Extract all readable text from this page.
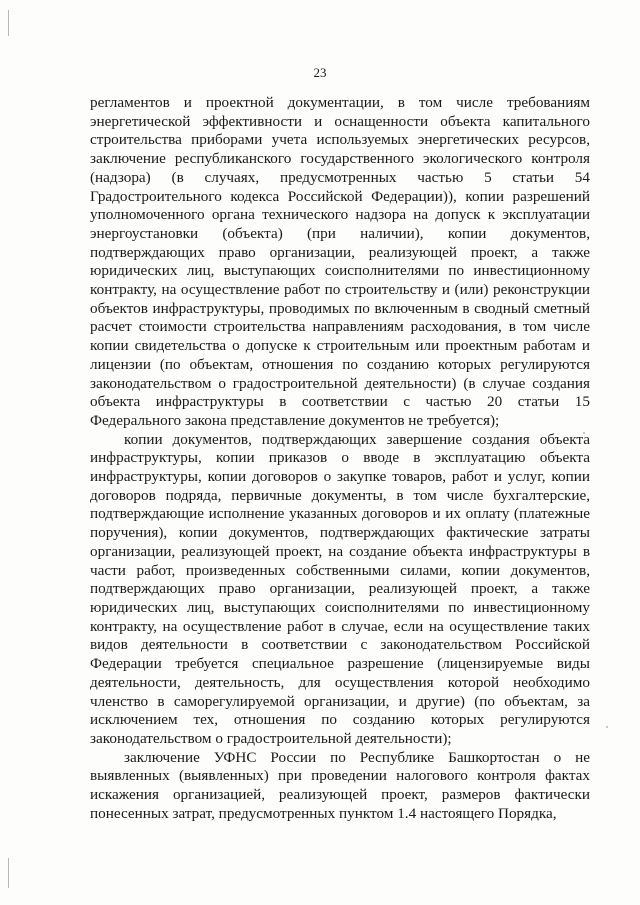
23

регламентов и проектной документации, в том числе требованиям энергетической эффективности и оснащенности объекта капитального строительства приборами учета используемых энергетических ресурсов, заключение республиканского государственного экологического контроля (надзора) (в случаях, предусмотренных частью 5 статьи 54 Градостроительного кодекса Российской Федерации)), копии разрешений уполномоченного органа технического надзора на допуск к эксплуатации энергоустановки (объекта) (при наличии), копии документов, подтверждающих право организации, реализующей проект, а также юридических лиц, выступающих соисполнителями по инвестиционному контракту, на осуществление работ по строительству и (или) реконструкции объектов инфраструктуры, проводимых по включенным в сводный сметный расчет стоимости строительства направлениям расходования, в том числе копии свидетельства о допуске к строительным или проектным работам и лицензии (по объектам, отношения по созданию которых регулируются законодательством о градостроительной деятельности) (в случае создания объекта инфраструктуры в соответствии с частью 20 статьи 15 Федерального закона представление документов не требуется);

копии документов, подтверждающих завершение создания объекта инфраструктуры, копии приказов о вводе в эксплуатацию объекта инфраструктуры, копии договоров о закупке товаров, работ и услуг, копии договоров подряда, первичные документы, в том числе бухгалтерские, подтверждающие исполнение указанных договоров и их оплату (платежные поручения), копии документов, подтверждающих фактические затраты организации, реализующей проект, на создание объекта инфраструктуры в части работ, произведенных собственными силами, копии документов, подтверждающих право организации, реализующей проект, а также юридических лиц, выступающих соисполнителями по инвестиционному контракту, на осуществление работ в случае, если на осуществление таких видов деятельности в соответствии с законодательством Российской Федерации требуется специальное разрешение (лицензируемые виды деятельности, деятельность, для осуществления которой необходимо членство в саморегулируемой организации, и другие) (по объектам, за исключением тех, отношения по созданию которых регулируются законодательством о градостроительной деятельности);

заключение УФНС России по Республике Башкортостан о не выявленных (выявленных) при проведении налогового контроля фактах искажения организацией, реализующей проект, размеров фактически понесенных затрат, предусмотренных пунктом 1.4 настоящего Порядка,
